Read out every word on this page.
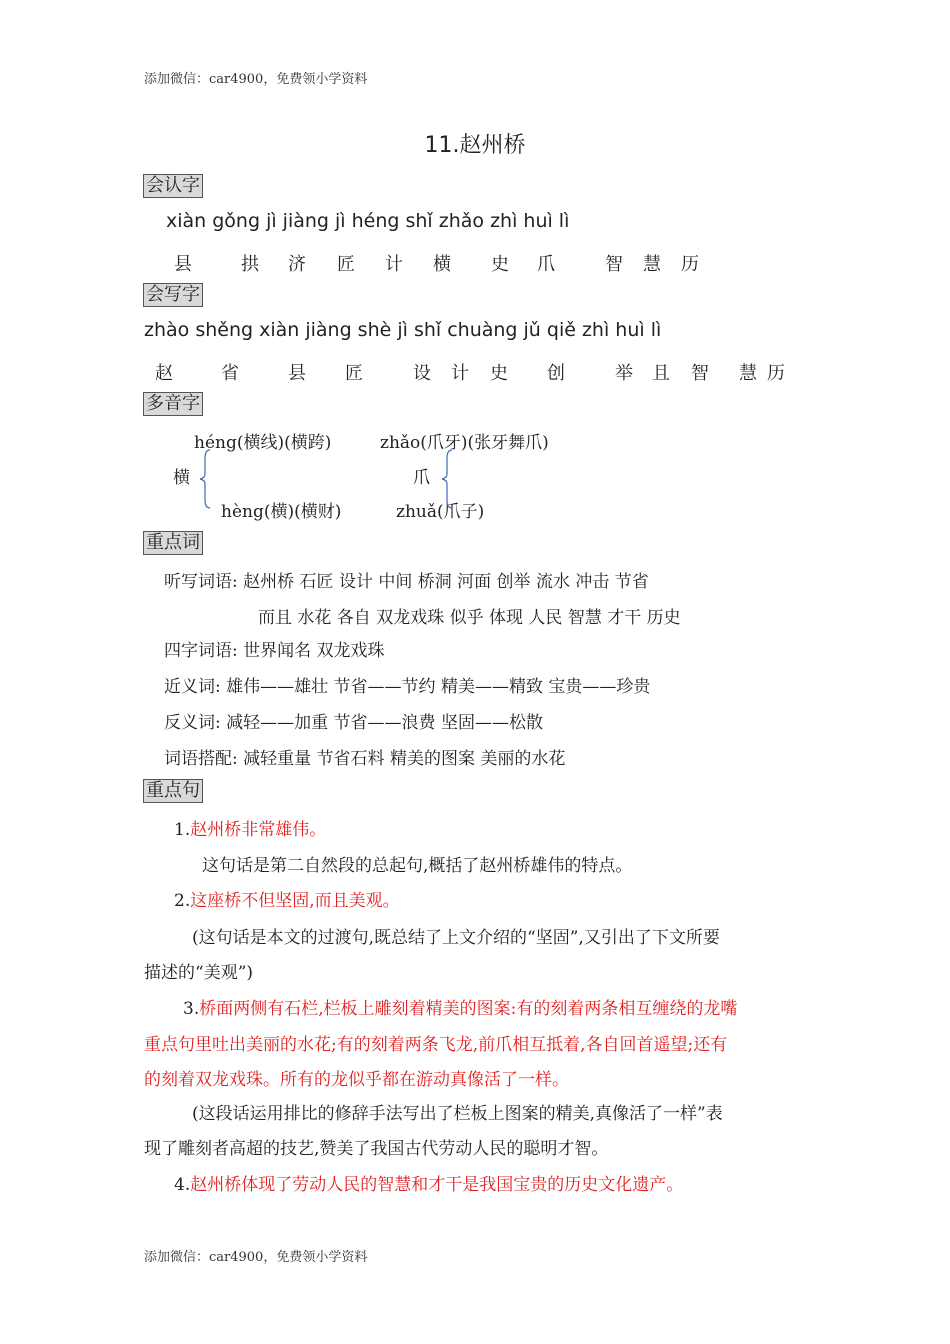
添加微信：car4900，免费领小学资料
添加微信：car4900，免费领小学资料
11.赵州桥
会认字
xiàn gǒng jì jiàng jì héng shǐ zhǎo zhì huì lì
县	拱 济 匠 计 横 史 爪	智 慧 历
会写字
zhào shěng xiàn jiàng shè jì shǐ chuàng jǔ qiě zhì huì lì
赵	省	县 匠	设 计 史 创	举 且 智 慧 历
多音字
héng(横线)(横跨)
横
hèng(横)(横财)
zhǎo(爪牙)(张牙舞爪)
爪
zhuǎ(爪子)
重点词
听写词语: 赵州桥 石匠 设计 中间 桥洞 河面 创举 流水 冲击 节省
而且 水花 各自 双龙戏珠 似乎 体现 人民 智慧 才干 历史
四字词语: 世界闻名 双龙戏珠
近义词: 雄伟——雄壮 节省——节约 精美——精致 宝贵——珍贵
反义词: 减轻——加重 节省——浪费 坚固——松散
词语搭配: 减轻重量 节省石料 精美的图案 美丽的水花
重点句
1.赵州桥非常雄伟。
这句话是第二自然段的总起句,概括了赵州桥雄伟的特点。
2.这座桥不但坚固,而且美观。
(这句话是本文的过渡句,既总结了上文介绍的“坚固”,又引出了下文所要
描述的“美观”)
3.桥面两侧有石栏,栏板上雕刻着精美的图案:有的刻着两条相互缠绕的龙嘴
重点句里吐出美丽的水花;有的刻着两条飞龙,前爪相互抵着,各自回首遥望;还有
的刻着双龙戏珠。所有的龙似乎都在游动真像活了一样。
(这段话运用排比的修辞手法写出了栏板上图案的精美,真像活了一样”表
现了雕刻者高超的技艺,赞美了我国古代劳动人民的聪明才智。
4.赵州桥体现了劳动人民的智慧和才干是我国宝贵的历史文化遗产。
